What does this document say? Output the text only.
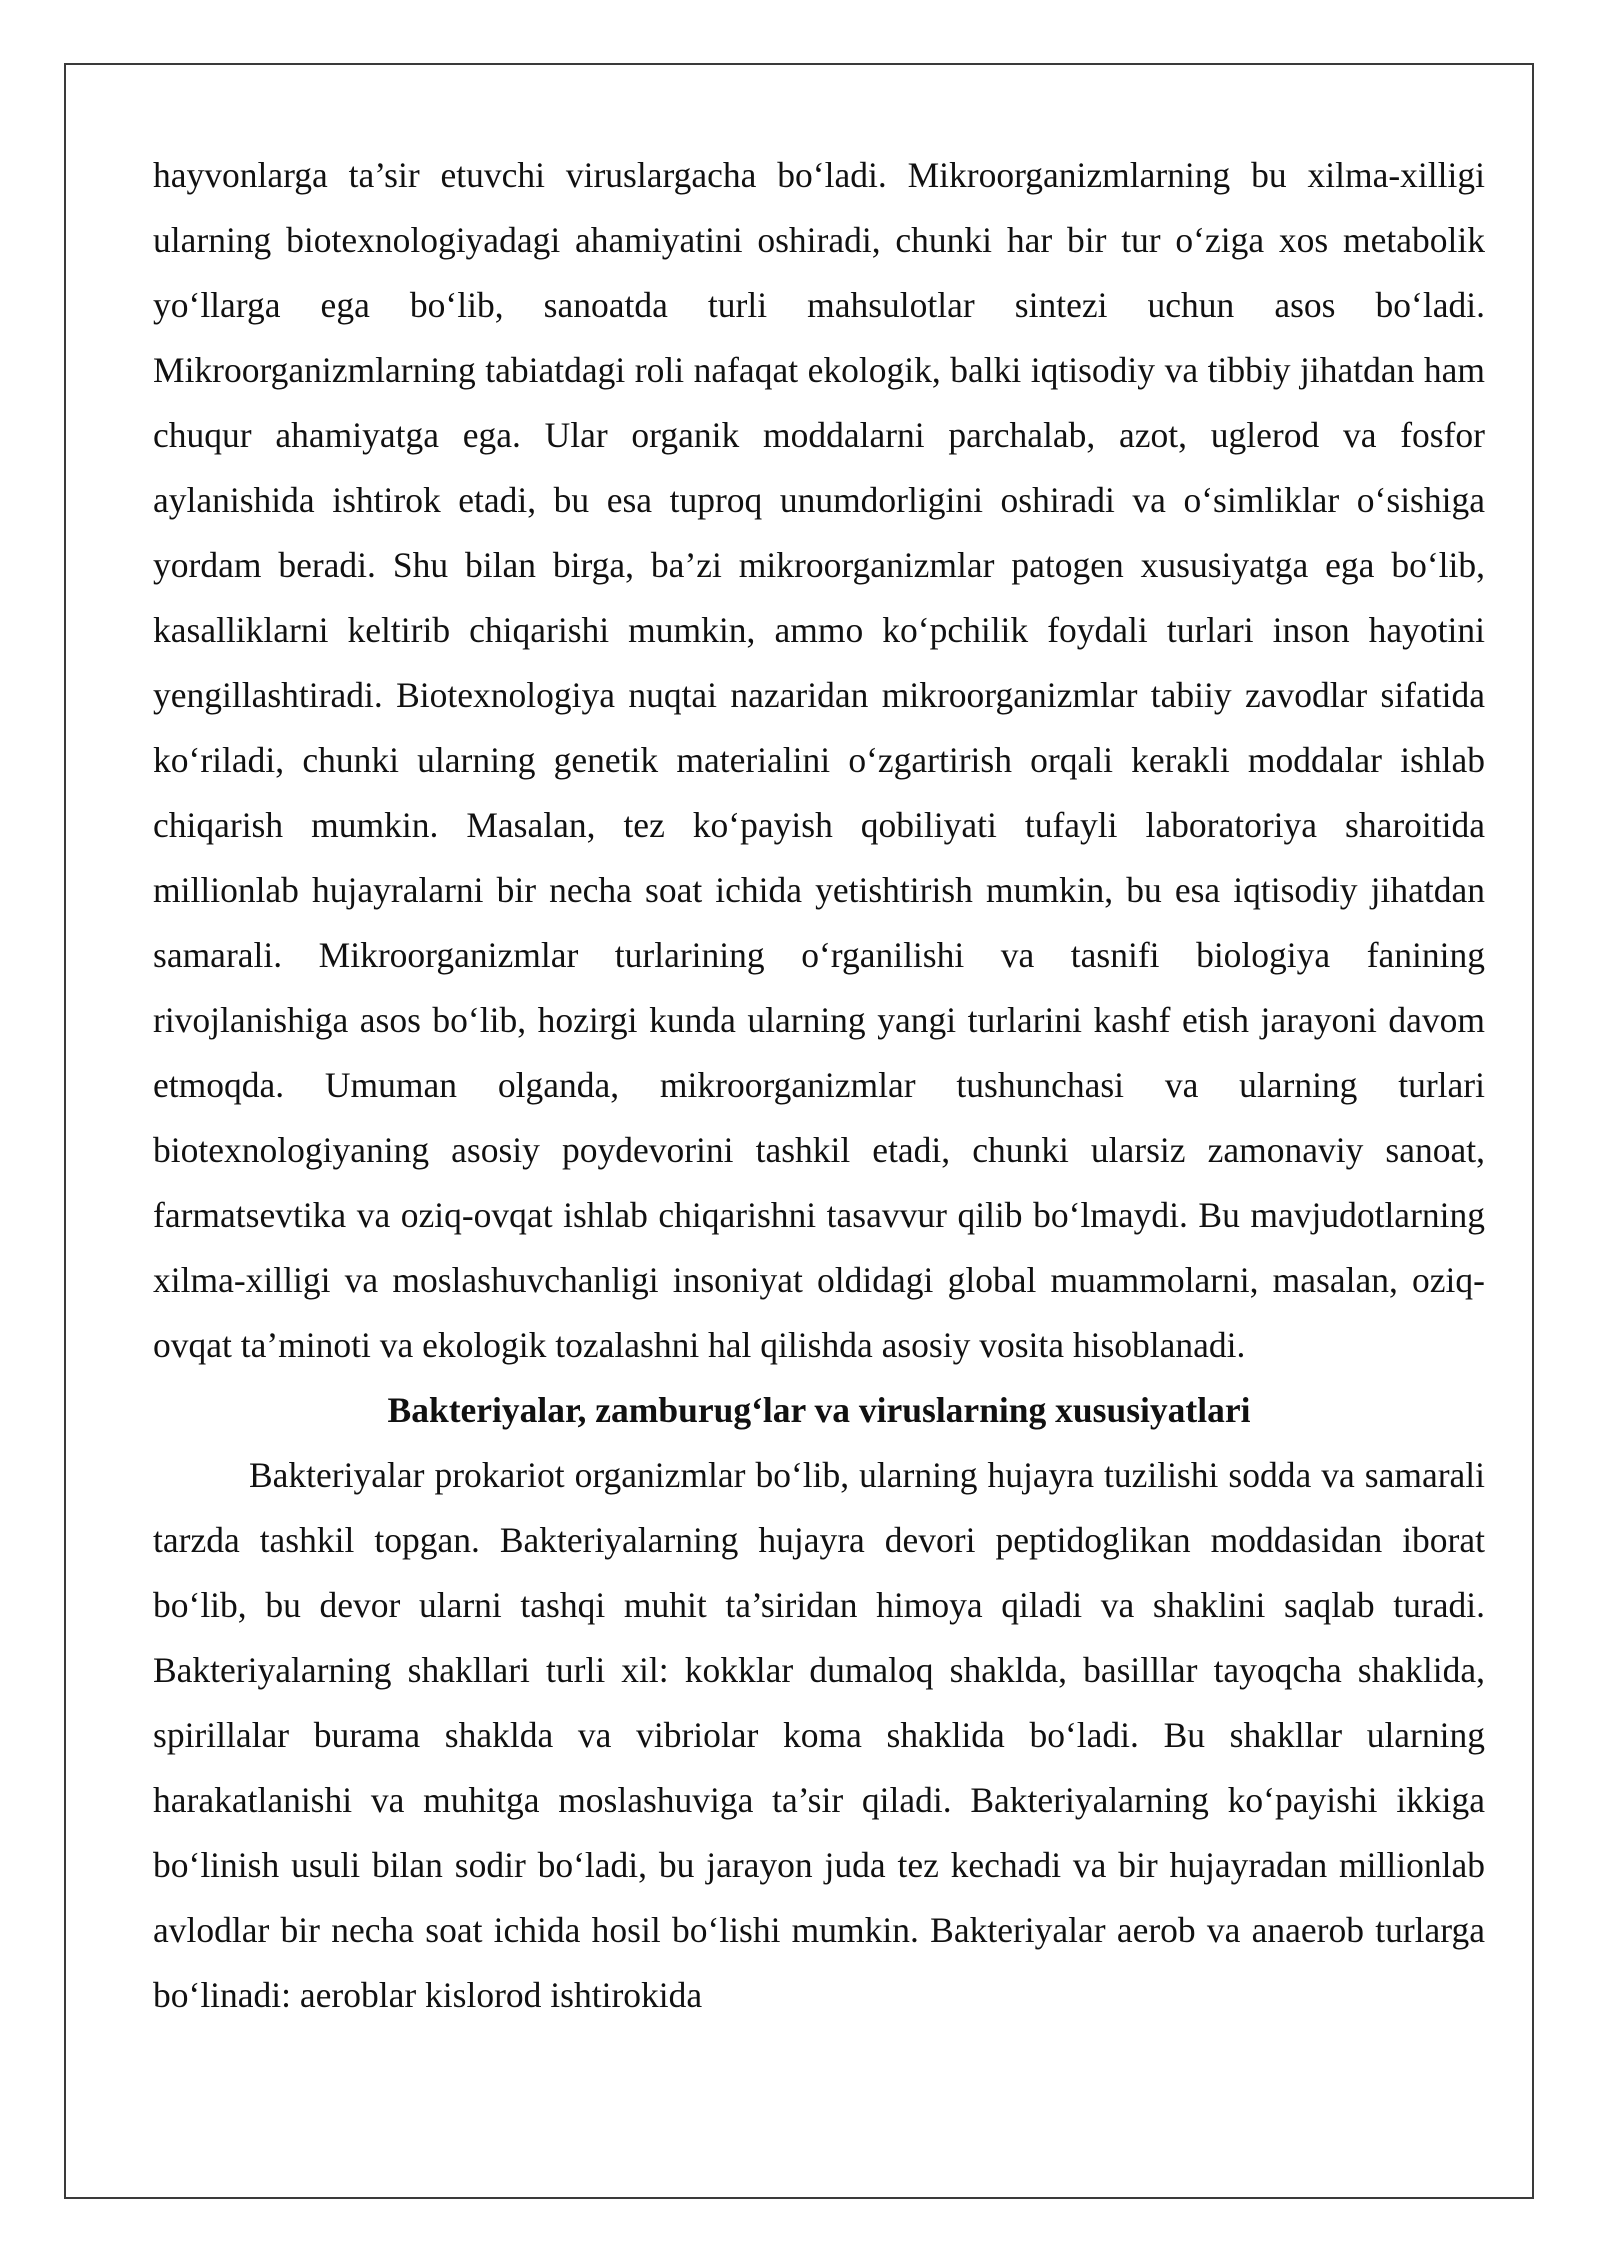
hayvonlarga ta’sir etuvchi viruslargacha bo‘ladi. Mikroorganizmlarning bu xilma-xilligi ularning biotexnologiyadagi ahamiyatini oshiradi, chunki har bir tur o‘ziga xos metabolik yo‘llarga ega bo‘lib, sanoatda turli mahsulotlar sintezi uchun asos bo‘ladi. Mikroorganizmlarning tabiatdagi roli nafaqat ekologik, balki iqtisodiy va tibbiy jihatdan ham chuqur ahamiyatga ega. Ular organik moddalarni parchalab, azot, uglerod va fosfor aylanishida ishtirok etadi, bu esa tuproq unumdorligini oshiradi va o‘simliklar o‘sishiga yordam beradi. Shu bilan birga, ba’zi mikroorganizmlar patogen xususiyatga ega bo‘lib, kasalliklarni keltirib chiqarishi mumkin, ammo ko‘pchilik foydali turlari inson hayotini yengillashtiradi. Biotexnologiya nuqtai nazaridan mikroorganizmlar tabiiy zavodlar sifatida ko‘riladi, chunki ularning genetik materialini o‘zgartirish orqali kerakli moddalar ishlab chiqarish mumkin. Masalan, tez ko‘payish qobiliyati tufayli laboratoriya sharoitida millionlab hujayralarni bir necha soat ichida yetishtirish mumkin, bu esa iqtisodiy jihatdan samarali. Mikroorganizmlar turlarining o‘rganilishi va tasnifi biologiya fanining rivojlanishiga asos bo‘lib, hozirgi kunda ularning yangi turlarini kashf etish jarayoni davom etmoqda. Umuman olganda, mikroorganizmlar tushunchasi va ularning turlari biotexnologiyaning asosiy poydevorini tashkil etadi, chunki ularsiz zamonaviy sanoat, farmatsevtika va oziq-ovqat ishlab chiqarishni tasavvur qilib bo‘lmaydi. Bu mavjudotlarning xilma-xilligi va moslashuvchanligi insoniyat oldidagi global muammolarni, masalan, oziq-ovqat ta’minoti va ekologik tozalashni hal qilishda asosiy vosita hisoblanadi.

Bakteriyalar, zamburug‘lar va viruslarning xususiyatlari

Bakteriyalar prokariot organizmlar bo‘lib, ularning hujayra tuzilishi sodda va samarali tarzda tashkil topgan. Bakteriyalarning hujayra devori peptidoglikan moddasidan iborat bo‘lib, bu devor ularni tashqi muhit ta’siridan himoya qiladi va shaklini saqlab turadi. Bakteriyalarning shakllari turli xil: kokklar dumaloq shaklda, basilllar tayoqcha shaklida, spirillalar burama shaklda va vibriolar koma shaklida bo‘ladi. Bu shakllar ularning harakatlanishi va muhitga moslashuviga ta’sir qiladi. Bakteriyalarning ko‘payishi ikkiga bo‘linish usuli bilan sodir bo‘ladi, bu jarayon juda tez kechadi va bir hujayradan millionlab avlodlar bir necha soat ichida hosil bo‘lishi mumkin. Bakteriyalar aerob va anaerob turlarga bo‘linadi: aeroblar kislorod ishtirokida
